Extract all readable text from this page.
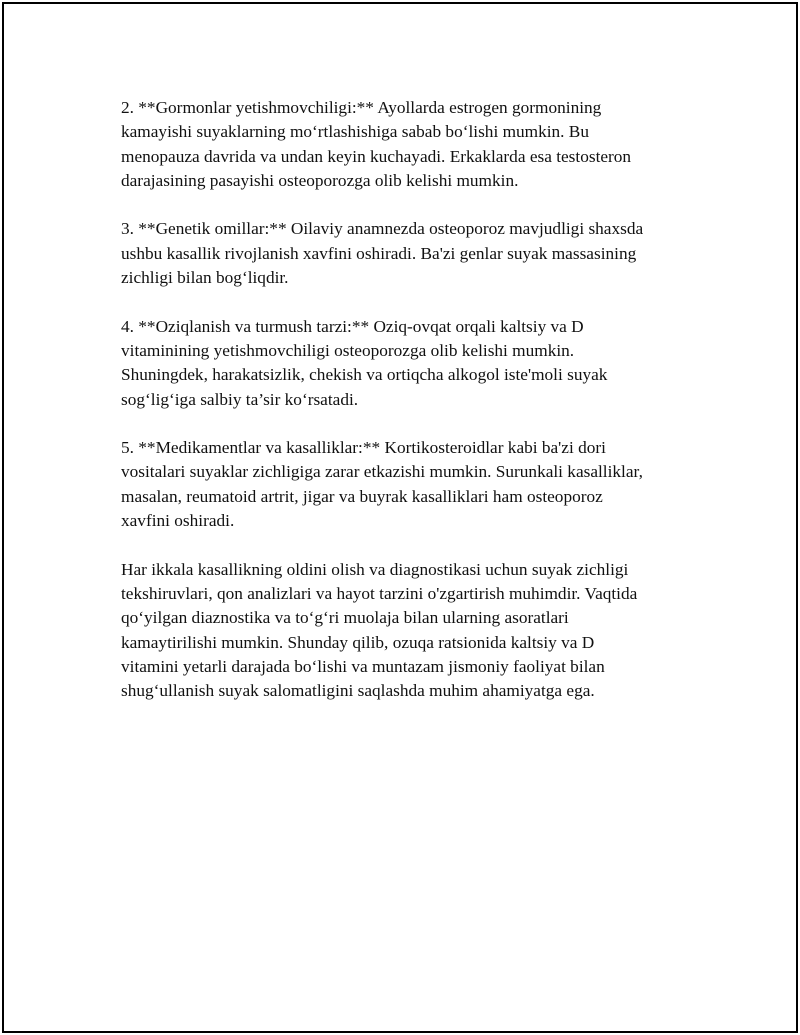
2. **Gormonlar yetishmovchiligi:** Ayollarda estrogen gormonining
kamayishi suyaklarning mo‘rtlashishiga sabab bo‘lishi mumkin. Bu
menopauza davrida va undan keyin kuchayadi. Erkaklarda esa testosteron
darajasining pasayishi osteoporozga olib kelishi mumkin.

3. **Genetik omillar:** Oilaviy anamnezda osteoporoz mavjudligi shaxsda
ushbu kasallik rivojlanish xavfini oshiradi. Ba'zi genlar suyak massasining
zichligi bilan bog‘liqdir.

4. **Oziqlanish va turmush tarzi:** Oziq-ovqat orqali kaltsiy va D
vitaminining yetishmovchiligi osteoporozga olib kelishi mumkin.
Shuningdek, harakatsizlik, chekish va ortiqcha alkogol iste'moli suyak
sog‘lig‘iga salbiy ta’sir ko‘rsatadi.

5. **Medikamentlar va kasalliklar:** Kortikosteroidlar kabi ba'zi dori
vositalari suyaklar zichligiga zarar etkazishi mumkin. Surunkali kasalliklar,
masalan, reumatoid artrit, jigar va buyrak kasalliklari ham osteoporoz
xavfini oshiradi.

Har ikkala kasallikning oldini olish va diagnostikasi uchun suyak zichligi
tekshiruvlari, qon analizlari va hayot tarzini o'zgartirish muhimdir. Vaqtida
qo‘yilgan diaznostika va to‘g‘ri muolaja bilan ularning asoratlari
kamaytirilishi mumkin. Shunday qilib, ozuqa ratsionida kaltsiy va D
vitamini yetarli darajada bo‘lishi va muntazam jismoniy faoliyat bilan
shug‘ullanish suyak salomatligini saqlashda muhim ahamiyatga ega.
